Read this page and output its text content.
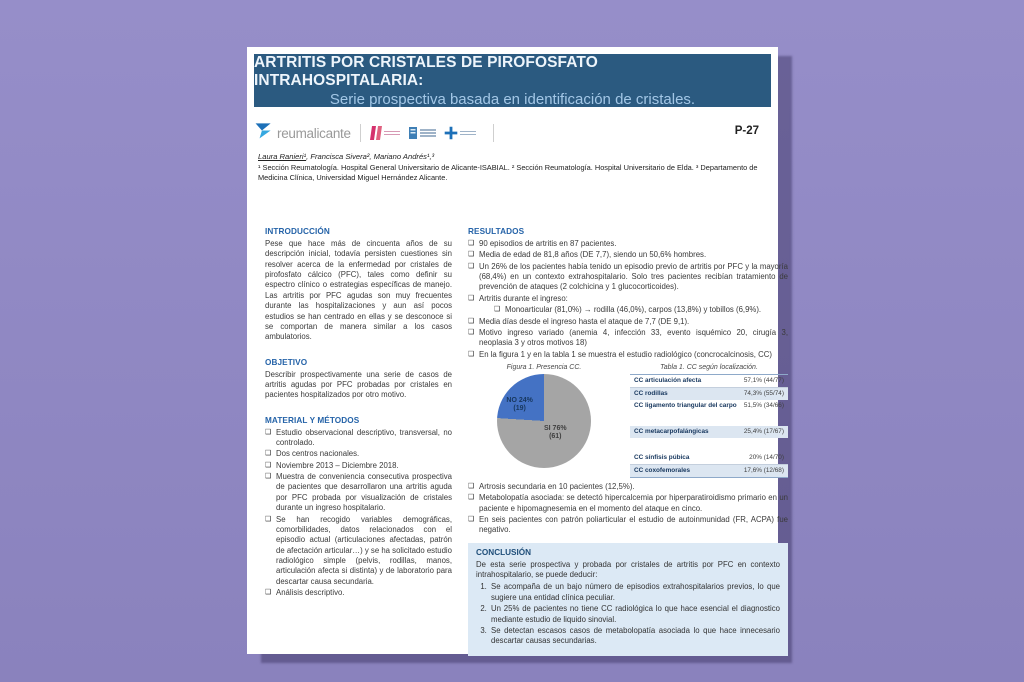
ARTRITIS POR CRISTALES DE PIROFOSFATO INTRAHOSPITALARIA:
Serie prospectiva basada en identificación de cristales.
reumalicante	P-27
Laura Ranieri¹, Francisca Sivera², Mariano Andrés¹,³
¹ Sección Reumatología. Hospital General Universitario de Alicante-ISABIAL. ² Sección Reumatología. Hospital Universitario de Elda. ³ Departamento de Medicina Clínica, Universidad Miguel Hernández Alicante.
INTRODUCCIÓN

Pese que hace más de cincuenta años de su descripción inicial, todavía persisten cuestiones sin resolver acerca de la enfermedad por cristales de pirofosfato cálcico (PFC), tales como definir su espectro clínico o estrategias específicas de manejo. Las artritis por PFC agudas son muy frecuentes durante las hospitalizaciones y aun así pocos estudios se han centrado en ellas y se desconoce si se comportan de manera similar a los casos ambulatorios.

OBJETIVO

Describir prospectivamente una serie de casos de artritis agudas por PFC probadas por cristales en pacientes hospitalizados por otro motivo.

MATERIAL Y MÉTODOS
❑ Estudio observacional descriptivo, transversal, no controlado.
❑ Dos centros nacionales.
❑ Noviembre 2013 – Diciembre 2018.
❑ Muestra de conveniencia consecutiva prospectiva de pacientes que desarrollaron una artritis aguda por PFC probada por visualización de cristales durante un ingreso hospitalario.
❑ Se han recogido variables demográficas, comorbilidades, datos relacionados con el episodio actual (articulaciones afectadas, patrón de afectación articular…) y se ha solicitado estudio radiológico simple (pelvis, rodillas, manos, articulación afecta si distinta) y de laboratorio para descartar causa secundaria.
❑ Análisis descriptivo.
RESULTADOS
❑ 90 episodios de artritis en 87 pacientes.
❑ Media de edad de 81,8 años (DE 7,7), siendo un 50,6% hombres.
❑ Un 26% de los pacientes había tenido un episodio previo de artritis por PFC y la mayoría (68,4%) en un contexto extrahospitalario. Solo tres pacientes recibían tratamiento de prevención de ataques (2 colchicina y 1 glucocorticoides).
❑ Artritis durante el ingreso:
❑ Monoarticular (81,0%) → rodilla (46,0%), carpos (13,8%) y tobillos (6,9%).
❑ Media días desde el ingreso hasta el ataque de 7,7 (DE 9,1).
❑ Motivo ingreso variado (anemia 4, infección 33, evento isquémico 20, cirugía 3, neoplasia 3 y otros motivos 18)
❑ En la figura 1 y en la tabla 1 se muestra el estudio radiológico (concrocalcinosis, CC)
Figura 1. Presencia CC.
NO 24%
(19)
SI 76%
(61)
Tabla 1. CC según localización.
CC articulación afecta	57,1% (44/77)
CC rodillas	74,3% (55/74)
CC ligamento triangular del carpo	51,5% (34/66)
CC metacarpofalángicas	25,4% (17/67)
CC sínfisis púbica	20% (14/70)
CC coxofemorales	17,6% (12/68)
❑ Artrosis secundaria en 10 pacientes (12,5%).
❑ Metabolopatía asociada: se detectó hipercalcemia por hiperparatiroidismo primario en un paciente e hipomagnesemia en el momento del ataque en cinco.
❑ En seis pacientes con patrón poliarticular el estudio de autoinmunidad (FR, ACPA) fue negativo.
CONCLUSIÓN

De esta serie prospectiva y probada por cristales de artritis por PFC en contexto intrahospitalario, se puede deducir:

1. Se acompaña de un bajo número de episodios extrahospitalarios previos, lo que sugiere una entidad clínica peculiar.
2. Un 25% de pacientes no tiene CC radiológica lo que hace esencial el diagnostico mediante estudio de liquido sinovial.
3. Se detectan escasos casos de metabolopatía asociada lo que hace innecesario descartar causas secundarias.
